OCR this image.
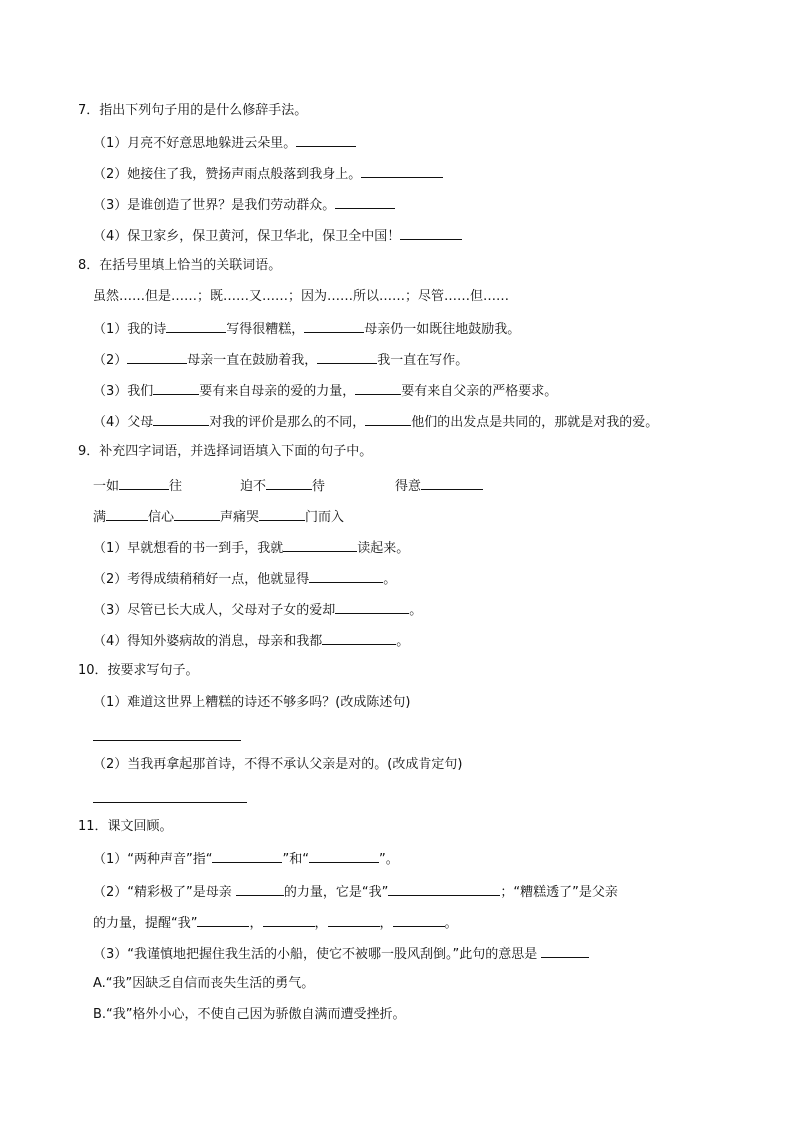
7．指出下列句子用的是什么修辞手法。
（1）月亮不好意思地躲进云朵里。
（2）她接住了我，赞扬声雨点般落到我身上。
（3）是谁创造了世界？是我们劳动群众。
（4）保卫家乡，保卫黄河，保卫华北，保卫全中国！
8．在括号里填上恰当的关联词语。
虽然……但是……；既……又……；因为……所以……；尽管……但……
（1）我的诗	写得很糟糕，	母亲仍一如既往地鼓励我。
（2）	母亲一直在鼓励着我，	我一直在写作。
（3）我们	要有来自母亲的爱的力量，	要有来自父亲的严格要求。
（4）父母	对我的评价是那么的不同，	他们的出发点是共同的，那就是对我的爱。
9．补充四字词语，并选择词语填入下面的句子中。
一如	往	迫不	待	得意
满	信心	声痛哭	门而入
（1）早就想看的书一到手，我就	读起来。
（2）考得成绩稍稍好一点，他就显得	。
（3）尽管已长大成人，父母对子女的爱却	。
（4）得知外婆病故的消息，母亲和我都	。
10．按要求写句子。
（1）难道这世界上糟糕的诗还不够多吗？(改成陈述句)
（2）当我再拿起那首诗，不得不承认父亲是对的。(改成肯定句)
11．课文回顾。
（1）“两种声音”指“	”和“	”。
（2）“精彩极了”是母亲	的力量，它是“我”	；“糟糕透了”是父亲
的力量，提醒“我”	，	，	，	。
（3）“我谨慎地把握住我生活的小船，使它不被哪一股风刮倒。”此句的意思是
A.“我”因缺乏自信而丧失生活的勇气。
B.“我”格外小心，不使自己因为骄傲自满而遭受挫折。
